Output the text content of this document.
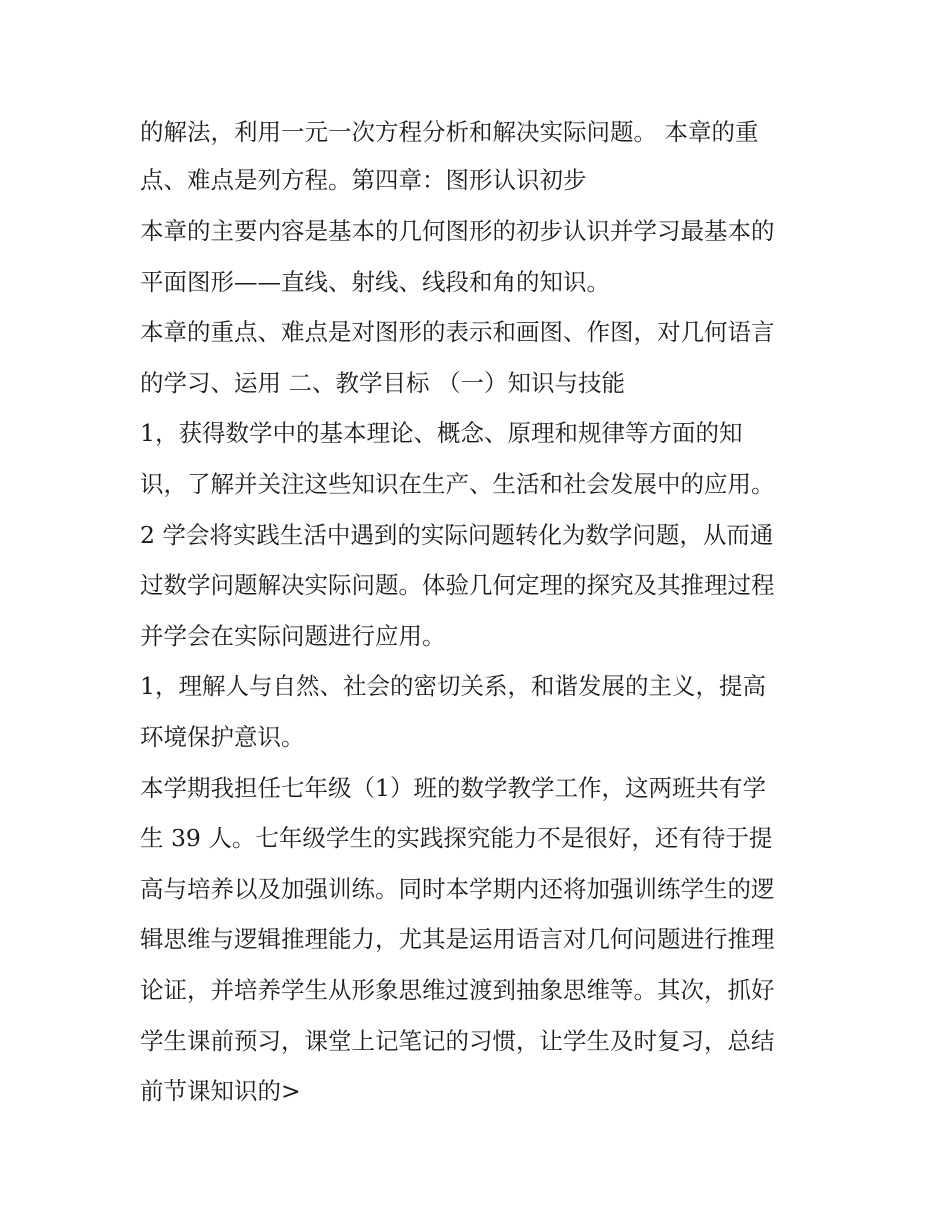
的解法，利用一元一次方程分析和解决实际问题。 本章的重
点、难点是列方程。第四章：图形认识初步
本章的主要内容是基本的几何图形的初步认识并学习最基本的
平面图形——直线、射线、线段和角的知识。
本章的重点、难点是对图形的表示和画图、作图，对几何语言
的学习、运用 二、教学目标 （一）知识与技能
1，获得数学中的基本理论、概念、原理和规律等方面的知
识，了解并关注这些知识在生产、生活和社会发展中的应用。
2 学会将实践生活中遇到的实际问题转化为数学问题，从而通
过数学问题解决实际问题。体验几何定理的探究及其推理过程
并学会在实际问题进行应用。
1，理解人与自然、社会的密切关系，和谐发展的主义，提高
环境保护意识。
本学期我担任七年级（1）班的数学教学工作，这两班共有学
生 39 人。七年级学生的实践探究能力不是很好，还有待于提
高与培养以及加强训练。同时本学期内还将加强训练学生的逻
辑思维与逻辑推理能力，尤其是运用语言对几何问题进行推理
论证，并培养学生从形象思维过渡到抽象思维等。其次，抓好
学生课前预习，课堂上记笔记的习惯，让学生及时复习，总结
前节课知识的>
